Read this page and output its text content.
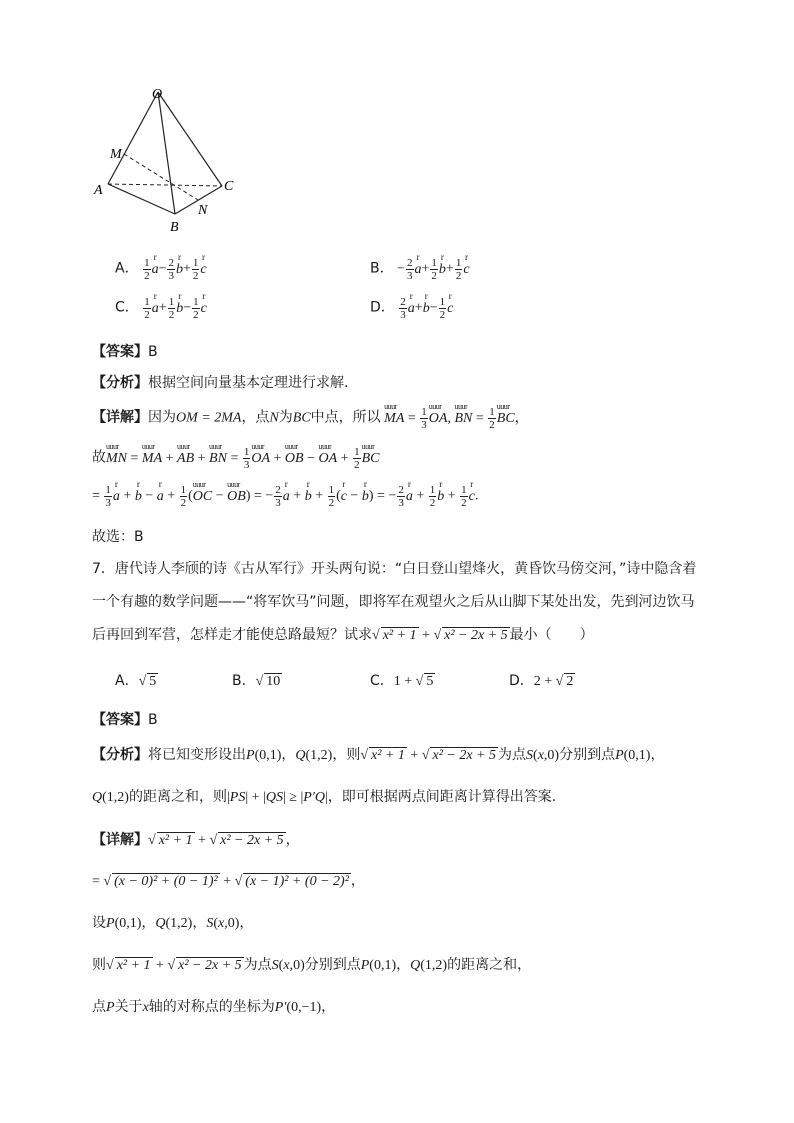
O
M
A
B
C
N
A． $\frac{1}{2}$ r $a- \frac{2}{3}$ r $b+ \frac{1}{2}$ r c	B． − $\frac{2}{3}$ r $a+ \frac{1}{2}$ r $b+ \frac{1}{2}$ r c
C． $\frac{1}{2}$ r $a+ \frac{1}{2}$ r $b- \frac{1}{2}$ r c	D． $\frac{2}{3}$ r a+r $b- \frac{1}{2}$ r c
【答案】B
【分析】根据空间向量基本定理进行求解.
【详解】因为OM = 2MA，点N为BC中点，所以 uuur MA = $\frac{1}{3}$ uuur OA, uuur BN = $\frac{1}{2}$ uuur BC，
故uuur MN = uuur MA + uuur AB + uuur BN = $\frac{1}{3}$ uuur OA + uuur OB − uuur OA + $\frac{1}{2}$ uuur BC
= $\frac{1}{3}$ r a + r b − r $a + \frac{1}{2}$ (uuur OC − uuur OB) = − $\frac{2}{3}$ r a + r $b + \frac{1}{2} (r$ c − r b) = − $\frac{2}{3}$ r $a + \frac{1}{2}$ r $b + \frac{1}{2}$ r c.
故选：B
7．唐代诗人李颀的诗《古从军行》开头两句说：“白日登山望烽火，黄昏饮马傍交河，”诗中隐含着
一个有趣的数学问题——“将军饮马”问题，即将军在观望火之后从山脚下某处出发，先到河边饮马
后再回到军营，怎样走才能使总路最短？试求√ x² + 1 + √ x² − 2x + 5 最小（　　）
A．√ 5	B．√ 10	C．1 + √ 5	D．2 + √ 2
【答案】B
【分析】将已知变形设出P(0,1)，Q(1,2)，则√ x² + 1 + √ x² − 2x + 5 为点S(x,0)分别到点P(0,1)，
Q(1,2)的距离之和，则|PS| + |QS| ≥ |P′Q|，即可根据两点间距离计算得出答案.
【详解】√ x² + 1 + √ x² − 2x + 5 ，
= √ (x − 0)² + (0 − 1)² + √ (x − 1)² + (0 − 2)² ，
设P(0,1)，Q(1,2)，S(x,0)，
则√ x² + 1 + √ x² − 2x + 5 为点S(x,0)分别到点P(0,1)，Q(1,2)的距离之和，
点P关于x轴的对称点的坐标为P′(0,−1)，
